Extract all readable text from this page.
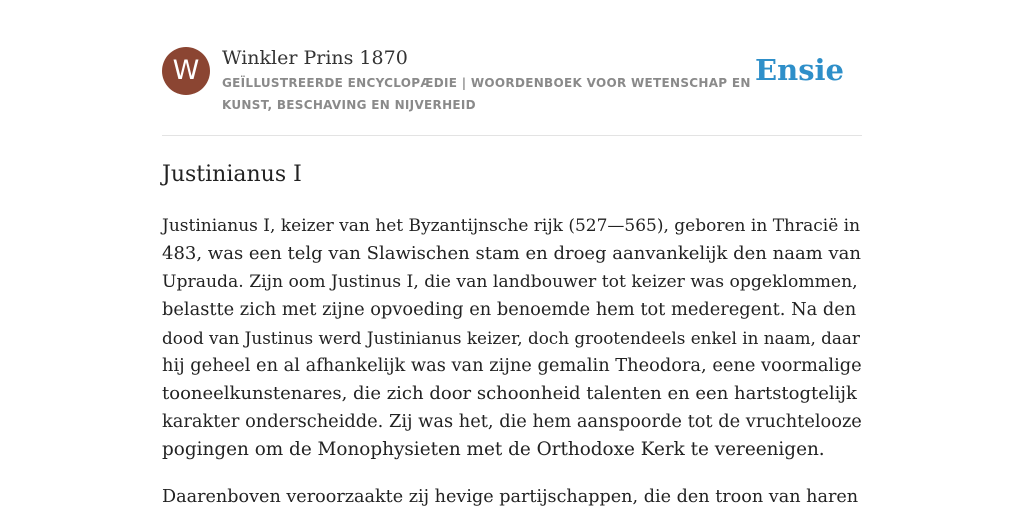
W	Winkler Prins 1870
GEÏLLUSTREERDE ENCYCLOPÆDIE | WOORDENBOEK VOOR WETENSCHAP EN
KUNST, BESCHAVING EN NIJVERHEID
Ensie
Justinianus I

Justinianus I, keizer van het Byzantijnsche rijk (527—565), geboren in Thracië in
483, was een telg van Slawischen stam en droeg aanvankelijk den naam van
Uprauda. Zijn oom Justinus I, die van landbouwer tot keizer was opgeklommen,
belastte zich met zijne opvoeding en benoemde hem tot mederegent. Na den
dood van Justinus werd Justinianus keizer, doch grootendeels enkel in naam, daar
hij geheel en al afhankelijk was van zijne gemalin Theodora, eene voormalige
tooneelkunstenares, die zich door schoonheid talenten en een hartstogtelijk
karakter onderscheidde. Zij was het, die hem aanspoorde tot de vruchtelooze
pogingen om de Monophysieten met de Orthodoxe Kerk te vereenigen.

Daarenboven veroorzaakte zij hevige partijschappen, die den troon van haren
